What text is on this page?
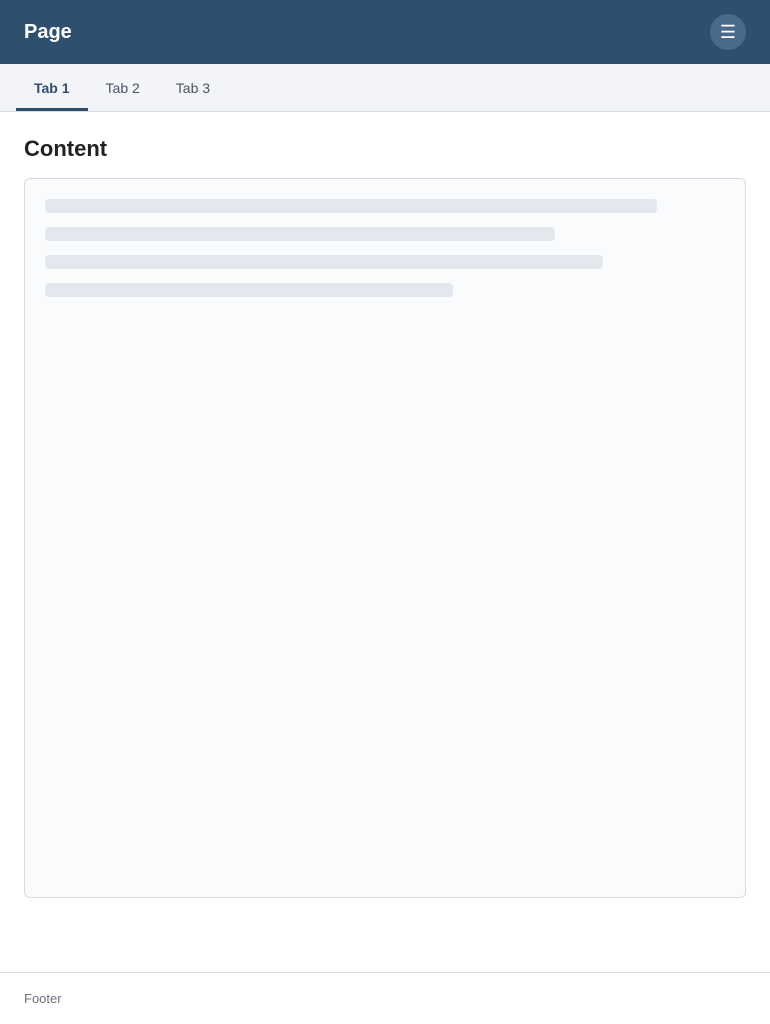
Page	☰
Tab 1	Tab 2	Tab 3
Content
Footer
